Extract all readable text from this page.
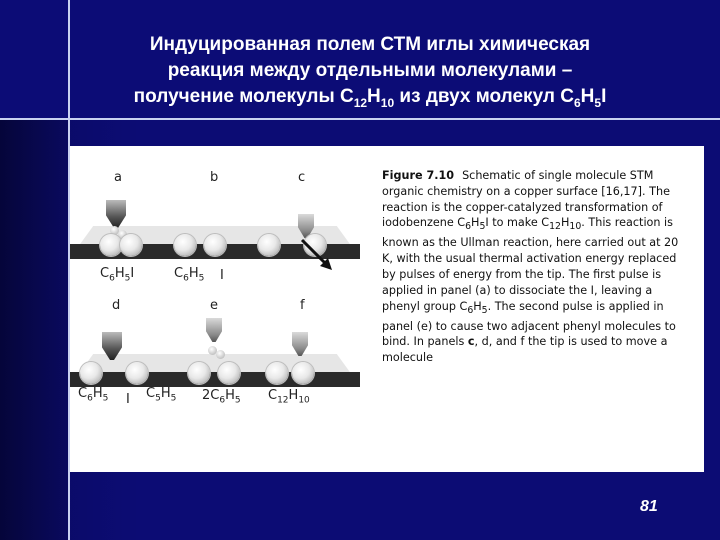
Индуцированная полем СТМ иглы химическая
реакция между отдельными молекулами –
получение молекулы $C_{12}H_{10}$ из двух молекул $C_6H_5I$
a	b	c
$C_6H_5I$	$C_6H_5$ I
d	e	f
$C_6H_5$ I $C_5H_5$ $2C_6H_5$ $C_{12}H_{10}$
Figure 7.10 Schematic of single molecule STM organic chemistry on a copper surface [16,17]. The reaction is the copper-catalyzed transformation of iodobenzene $C_6H_5I$ to make $C_{12}H_{10}$. This reaction is known as the Ullman reaction, here carried out at 20 K, with the usual thermal activation energy replaced by pulses of energy from the tip. The first pulse is applied in panel (a) to dissociate the I, leaving a phenyl group $C_6H_5$. The second pulse is applied in panel (e) to cause two adjacent phenyl molecules to bind. In panels c, d, and f the tip is used to move a molecule
81
